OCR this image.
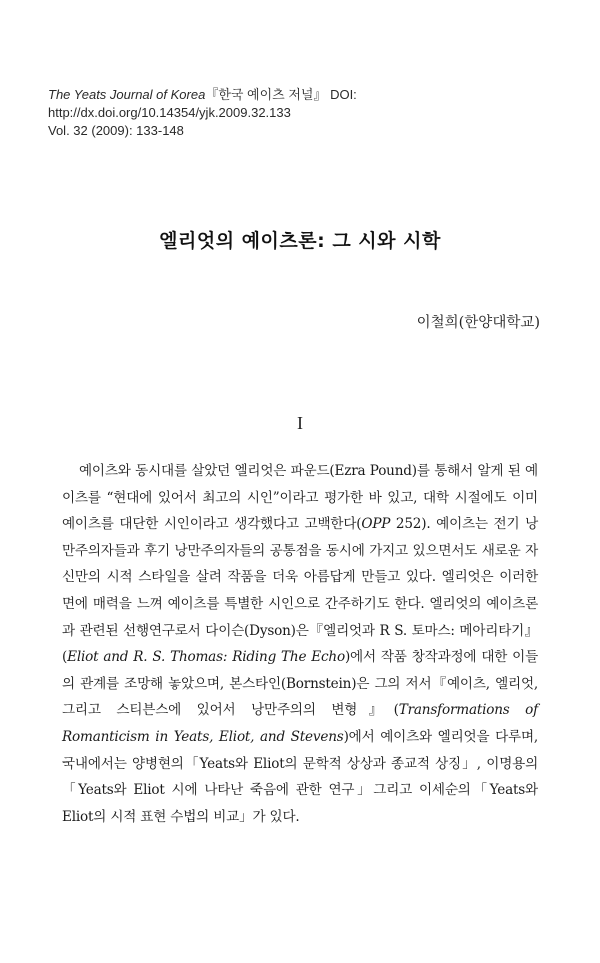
The Yeats Journal of Korea『한국 예이츠 저널』 DOI: http://dx.doi.org/10.14354/yjk.2009.32.133
Vol. 32 (2009): 133-148
엘리엇의 예이츠론: 그 시와 시학
이철희(한양대학교)
I

예이츠와 동시대를 살았던 엘리엇은 파운드(Ezra Pound)를 통해서 알게 된 예이츠를 “현대에 있어서 최고의 시인”이라고 평가한 바 있고, 대학 시절에도 이미 예이츠를 대단한 시인이라고 생각했다고 고백한다(OPP 252). 예이츠는 전기 낭만주의자들과 후기 낭만주의자들의 공통점을 동시에 가지고 있으면서도 새로운 자신만의 시적 스타일을 살려 작품을 더욱 아름답게 만들고 있다. 엘리엇은 이러한 면에 매력을 느껴 예이츠를 특별한 시인으로 간주하기도 한다. 엘리엇의 예이츠론과 관련된 선행연구로서 다이슨(Dyson)은『엘리엇과 R S. 토마스: 메아리타기』(Eliot and R. S. Thomas: Riding The Echo)에서 작품 창작과정에 대한 이들의 관계를 조망해 놓았으며, 본스타인(Bornstein)은 그의 저서『예이츠, 엘리엇, 그리고 스티븐스에 있어서 낭만주의의 변형』(Transformations of Romanticism in Yeats, Eliot, and Stevens)에서 예이츠와 엘리엇을 다루며, 국내에서는 양병현의「Yeats와 Eliot의 문학적 상상과 종교적 상징」, 이명용의「Yeats와 Eliot 시에 나타난 죽음에 관한 연구」그리고 이세순의「Yeats와 Eliot의 시적 표현 수법의 비교」가 있다.
